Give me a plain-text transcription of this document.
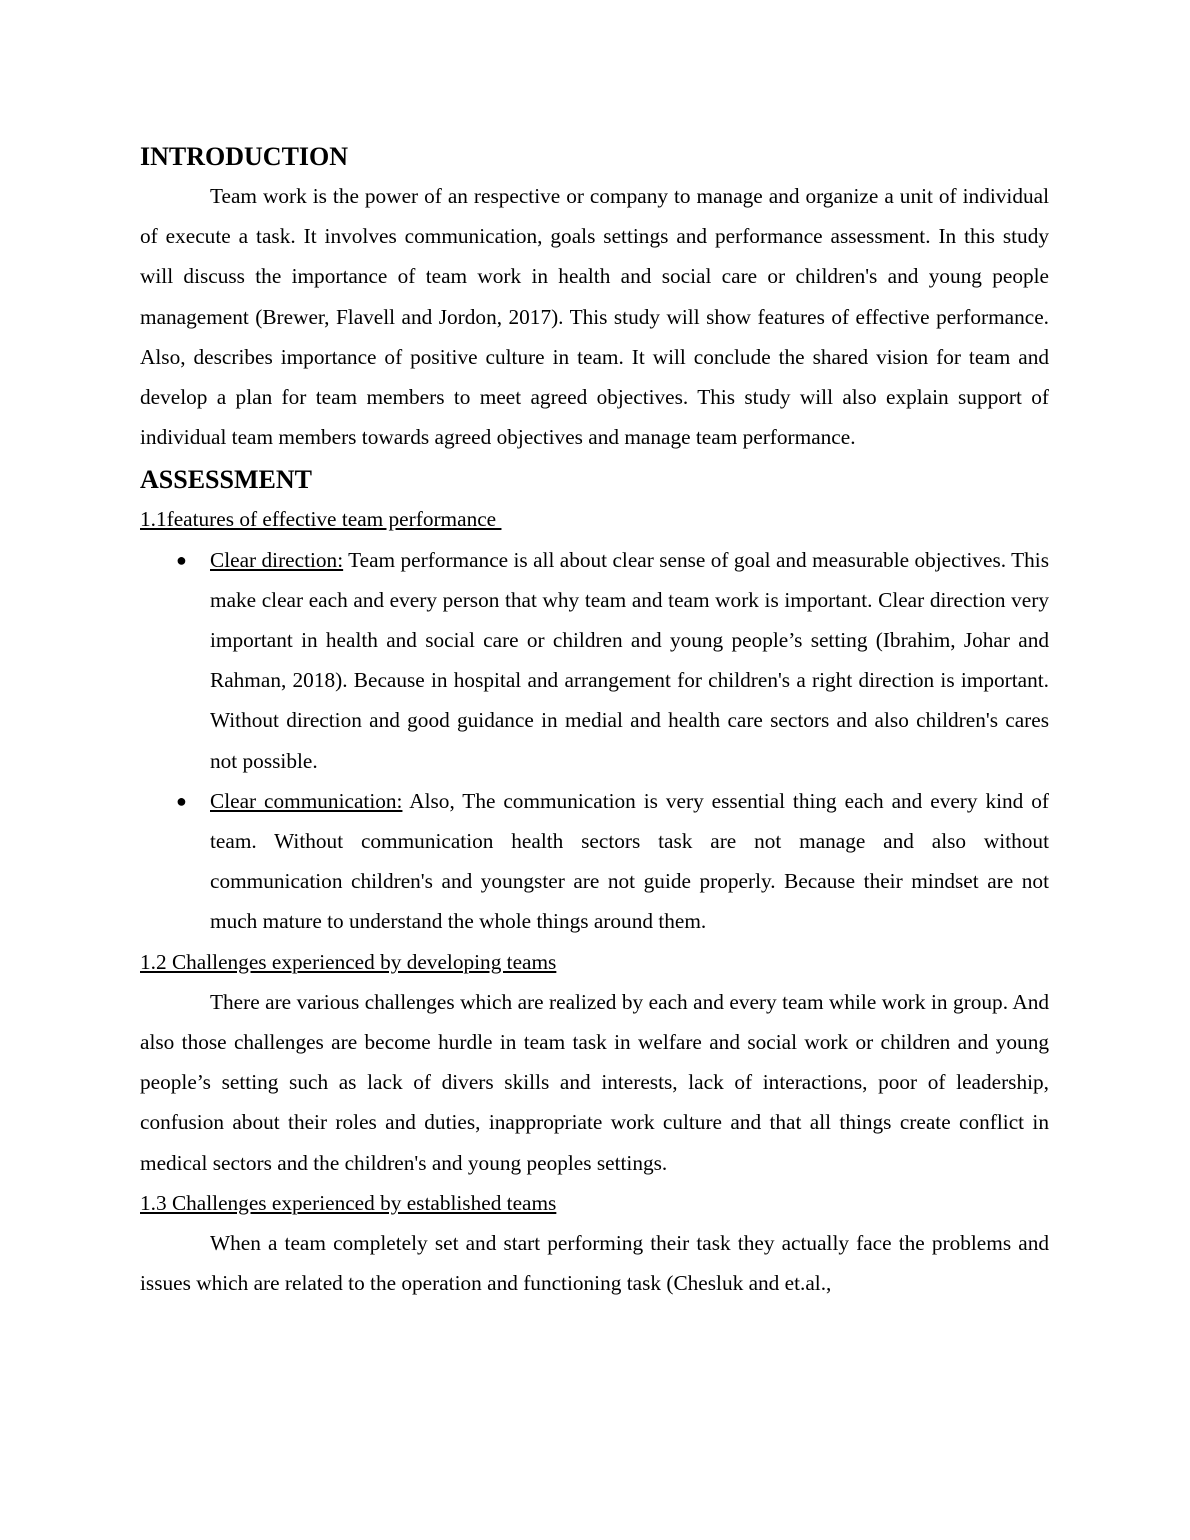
INTRODUCTION

Team work is the power of an respective or company to manage and organize a unit of individual of execute a task. It involves communication, goals settings and performance assessment. In this study will discuss the importance of team work in health and social care or children's and young people management (Brewer, Flavell and Jordon, 2017). This study will show features of effective performance. Also, describes importance of positive culture in team. It will conclude the shared vision for team and develop a plan for team members to meet agreed objectives. This study will also explain support of individual team members towards agreed objectives and manage team performance.

ASSESSMENT
1.1features of effective team performance
● Clear direction: Team performance is all about clear sense of goal and measurable objectives. This make clear each and every person that why team and team work is important. Clear direction very important in health and social care or children and young people’s setting (Ibrahim, Johar and Rahman, 2018). Because in hospital and arrangement for children's a right direction is important. Without direction and good guidance in medial and health care sectors and also children's cares not possible.
● Clear communication: Also, The communication is very essential thing each and every kind of team. Without communication health sectors task are not manage and also without communication children's and youngster are not guide properly. Because their mindset are not much mature to understand the whole things around them.
1.2 Challenges experienced by developing teams

There are various challenges which are realized by each and every team while work in group. And also those challenges are become hurdle in team task in welfare and social work or children and young people’s setting such as lack of divers skills and interests, lack of interactions, poor of leadership, confusion about their roles and duties, inappropriate work culture and that all things create conflict in medical sectors and the children's and young peoples settings.

1.3 Challenges experienced by established teams

When a team completely set and start performing their task they actually face the problems and issues which are related to the operation and functioning task (Chesluk and et.al.,
